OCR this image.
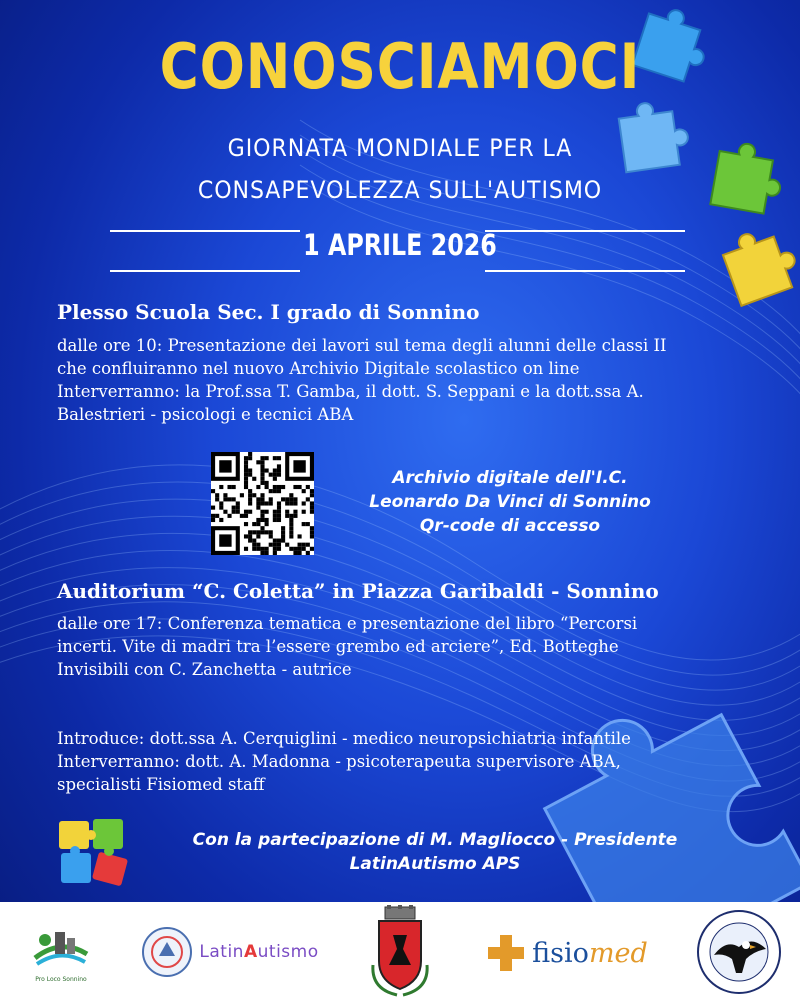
CONOSCIAMOCI
GIORNATA MONDIALE PER LA
CONSAPEVOLEZZA SULL'AUTISMO
1 APRILE 2026
Plesso Scuola Sec. I grado di Sonnino
dalle ore 10: Presentazione dei lavori sul tema degli alunni delle classi II
che confluiranno nel nuovo Archivio Digitale scolastico on line
Interverranno: la Prof.ssa T. Gamba, il dott. S. Seppani e la dott.ssa A.
Balestrieri - psicologi e tecnici ABA
Archivio digitale dell'I.C.
Leonardo Da Vinci di Sonnino
Qr-code di accesso
Auditorium “C. Coletta” in Piazza Garibaldi - Sonnino
dalle ore 17: Conferenza tematica e presentazione del libro “Percorsi
incerti. Vite di madri tra l’essere grembo ed arciere”, Ed. Botteghe
Invisibili con C. Zanchetta - autrice
Introduce: dott.ssa A. Cerquiglini - medico neuropsichiatria infantile
Interverranno: dott. A. Madonna - psicoterapeuta supervisore ABA,
specialisti Fisiomed staff
Con la partecipazione di M. Magliocco - Presidente
LatinAutismo APS
Pro Loco Sonnino
LatinAutismo	fisiomed
